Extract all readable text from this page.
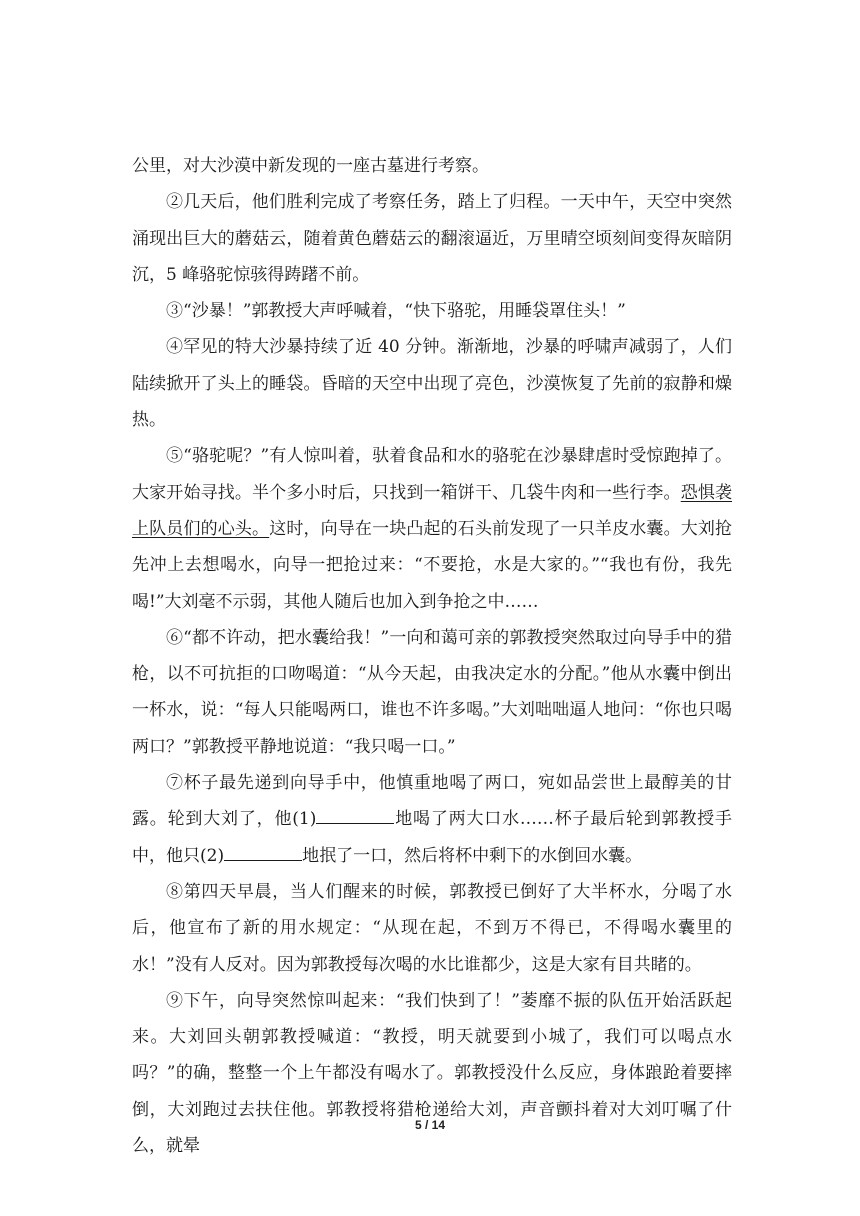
公里，对大沙漠中新发现的一座古墓进行考察。

②几天后，他们胜利完成了考察任务，踏上了归程。一天中午，天空中突然涌现出巨大的蘑菇云，随着黄色蘑菇云的翻滚逼近，万里晴空顷刻间变得灰暗阴沉，5 峰骆驼惊骇得踌躇不前。

③“沙暴！”郭教授大声呼喊着，“快下骆驼，用睡袋罩住头！”

④罕见的特大沙暴持续了近 40 分钟。渐渐地，沙暴的呼啸声减弱了，人们陆续掀开了头上的睡袋。昏暗的天空中出现了亮色，沙漠恢复了先前的寂静和燥热。

⑤“骆驼呢？”有人惊叫着，驮着食品和水的骆驼在沙暴肆虐时受惊跑掉了。大家开始寻找。半个多小时后，只找到一箱饼干、几袋牛肉和一些行李。恐惧袭上队员们的心头。这时，向导在一块凸起的石头前发现了一只羊皮水囊。大刘抢先冲上去想喝水，向导一把抢过来：“不要抢，水是大家的。”“我也有份，我先喝!”大刘毫不示弱，其他人随后也加入到争抢之中……

⑥“都不许动，把水囊给我！”一向和蔼可亲的郭教授突然取过向导手中的猎枪，以不可抗拒的口吻喝道：“从今天起，由我决定水的分配。”他从水囊中倒出一杯水，说：“每人只能喝两口，谁也不许多喝。”大刘咄咄逼人地问：“你也只喝两口？”郭教授平静地说道：“我只喝一口。”

⑦杯子最先递到向导手中，他慎重地喝了两口，宛如品尝世上最醇美的甘露。轮到大刘了，他(1)	地喝了两大口水……杯子最后轮到郭教授手中，他只(2)	地抿了一口，然后将杯中剩下的水倒回水囊。

⑧第四天早晨，当人们醒来的时候，郭教授已倒好了大半杯水，分喝了水后，他宣布了新的用水规定：“从现在起，不到万不得已，不得喝水囊里的水！”没有人反对。因为郭教授每次喝的水比谁都少，这是大家有目共睹的。

⑨下午，向导突然惊叫起来：“我们快到了！”萎靡不振的队伍开始活跃起来。大刘回头朝郭教授喊道：“教授，明天就要到小城了，我们可以喝点水吗？”的确，整整一个上午都没有喝水了。郭教授没什么反应，身体踉跄着要摔倒，大刘跑过去扶住他。郭教授将猎枪递给大刘，声音颤抖着对大刘叮嘱了什么，就晕

5 / 14
